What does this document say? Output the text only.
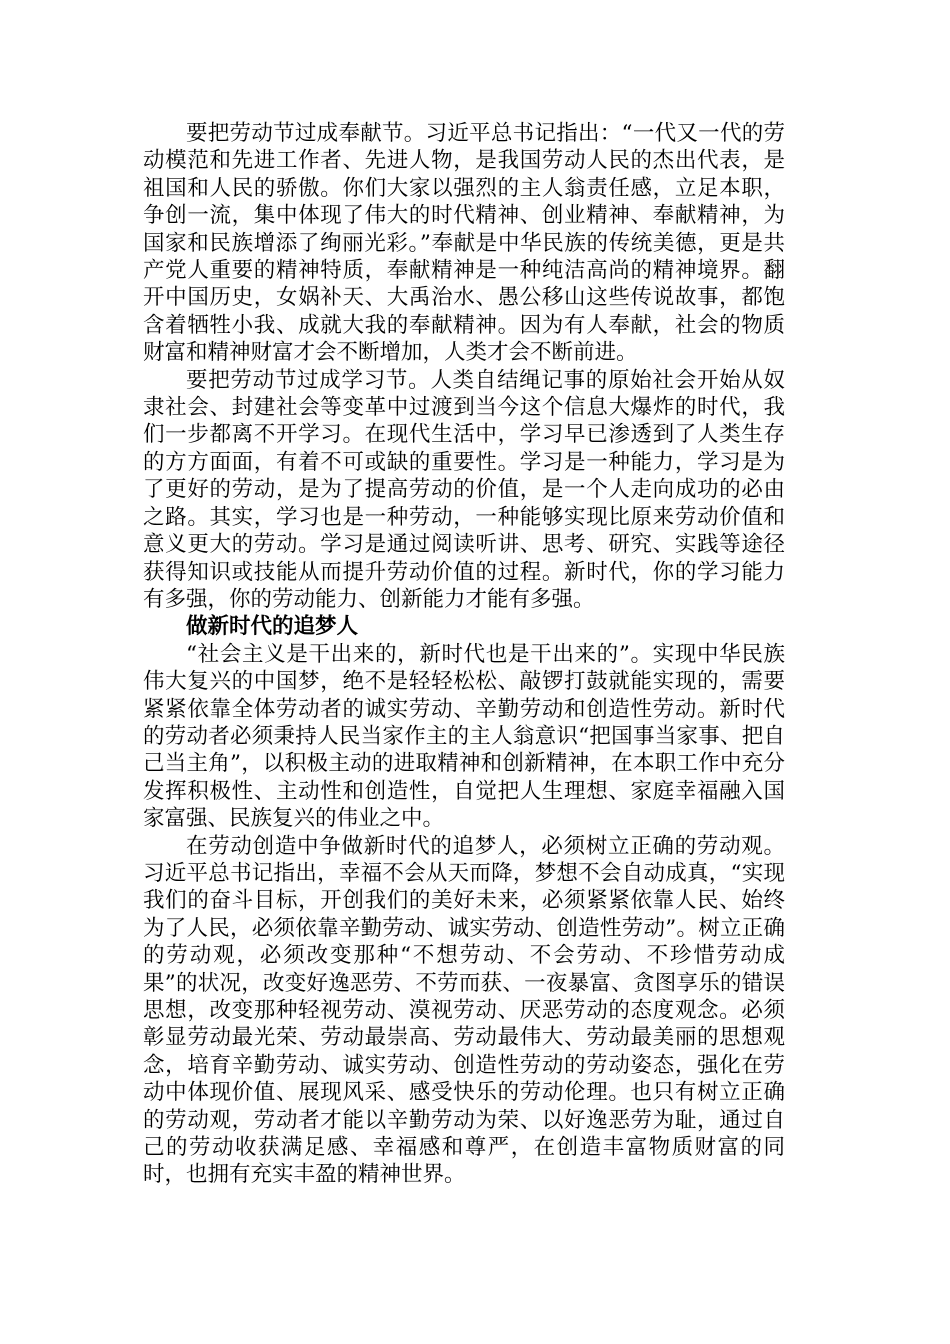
要把劳动节过成奉献节。习近平总书记指出：“一代又一代的劳动模范和先进工作者、先进人物，是我国劳动人民的杰出代表，是祖国和人民的骄傲。你们大家以强烈的主人翁责任感，立足本职，争创一流，集中体现了伟大的时代精神、创业精神、奉献精神，为国家和民族增添了绚丽光彩。”奉献是中华民族的传统美德，更是共产党人重要的精神特质，奉献精神是一种纯洁高尚的精神境界。翻开中国历史，女娲补天、大禹治水、愚公移山这些传说故事，都饱含着牺牲小我、成就大我的奉献精神。因为有人奉献，社会的物质财富和精神财富才会不断增加，人类才会不断前进。

要把劳动节过成学习节。人类自结绳记事的原始社会开始从奴隶社会、封建社会等变革中过渡到当今这个信息大爆炸的时代，我们一步都离不开学习。在现代生活中，学习早已渗透到了人类生存的方方面面，有着不可或缺的重要性。学习是一种能力，学习是为了更好的劳动，是为了提高劳动的价值，是一个人走向成功的必由之路。其实，学习也是一种劳动，一种能够实现比原来劳动价值和意义更大的劳动。学习是通过阅读听讲、思考、研究、实践等途径获得知识或技能从而提升劳动价值的过程。新时代，你的学习能力有多强，你的劳动能力、创新能力才能有多强。

做新时代的追梦人

“社会主义是干出来的，新时代也是干出来的”。实现中华民族伟大复兴的中国梦，绝不是轻轻松松、敲锣打鼓就能实现的，需要紧紧依靠全体劳动者的诚实劳动、辛勤劳动和创造性劳动。新时代的劳动者必须秉持人民当家作主的主人翁意识“把国事当家事、把自己当主角”，以积极主动的进取精神和创新精神，在本职工作中充分发挥积极性、主动性和创造性，自觉把人生理想、家庭幸福融入国家富强、民族复兴的伟业之中。

在劳动创造中争做新时代的追梦人，必须树立正确的劳动观。习近平总书记指出，幸福不会从天而降，梦想不会自动成真，“实现我们的奋斗目标，开创我们的美好未来，必须紧紧依靠人民、始终为了人民，必须依靠辛勤劳动、诚实劳动、创造性劳动”。树立正确的劳动观，必须改变那种“不想劳动、不会劳动、不珍惜劳动成果”的状况，改变好逸恶劳、不劳而获、一夜暴富、贪图享乐的错误思想，改变那种轻视劳动、漠视劳动、厌恶劳动的态度观念。必须彰显劳动最光荣、劳动最崇高、劳动最伟大、劳动最美丽的思想观念，培育辛勤劳动、诚实劳动、创造性劳动的劳动姿态，强化在劳动中体现价值、展现风采、感受快乐的劳动伦理。也只有树立正确的劳动观，劳动者才能以辛勤劳动为荣、以好逸恶劳为耻，通过自己的劳动收获满足感、幸福感和尊严，在创造丰富物质财富的同时，也拥有充实丰盈的精神世界。
